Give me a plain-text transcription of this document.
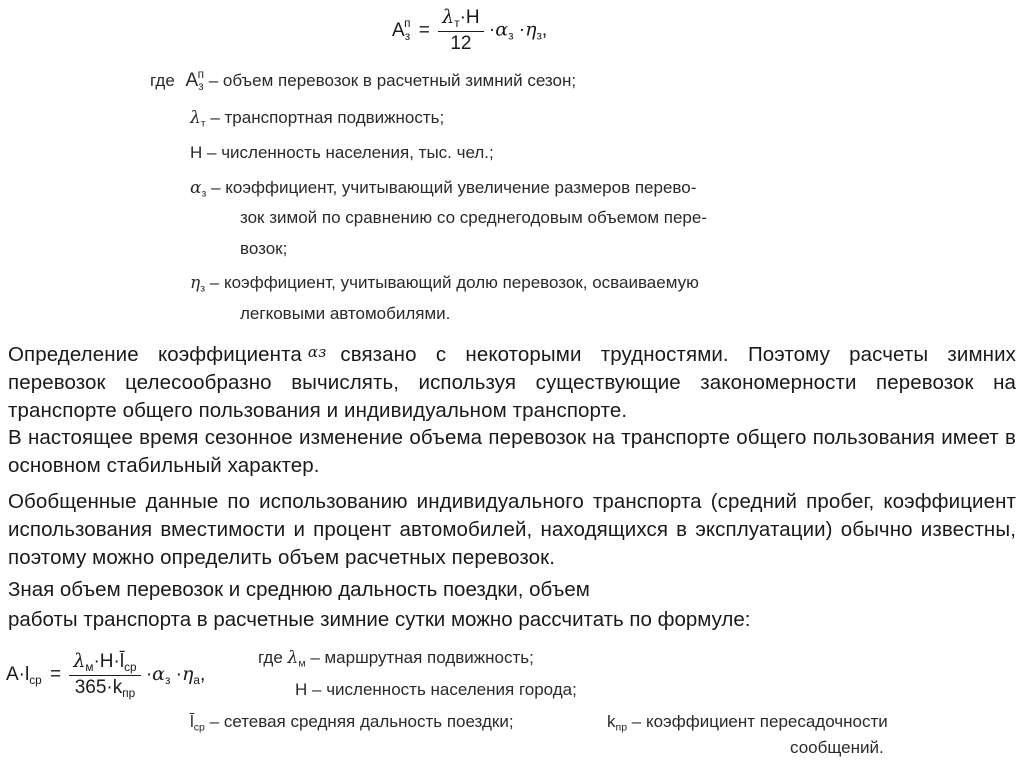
$A_з^п = \frac{\lambda_т\cdot H}{12} \cdot\alpha_з \cdot\eta_з$,
где $A_з^п$ – объем перевозок в расчетный зимний сезон;
$\lambda_т$ – транспортная подвижность;
Н – численность населения, тыс. чел.;
$\alpha_з$ – коэффициент, учитывающий увеличение размеров перево-
зок зимой по сравнению со среднегодовым объемом пере-
возок;
$\eta_з$ – коэффициент, учитывающий долю перевозок, осваиваемую
легковыми автомобилями.
Определение коэффициента αз связано с некоторыми трудностями. Поэтому расчеты зимних перевозок целесообразно вычислять, используя существующие закономерности перевозок на транспорте общего пользования и индивидуальном транспорте.
В настоящее время сезонное изменение объема перевозок на транспорте общего пользования имеет в основном стабильный характер.
Обобщенные данные по использованию индивидуального транспорта (средний пробег, коэффициент использования вместимости и процент автомобилей, находящихся в эксплуатации) обычно известны, поэтому можно определить объем расчетных перевозок.
Зная объем перевозок и среднюю дальность поездки, объем
работы транспорта в расчетные зимние сутки можно рассчитать по формуле:
$A\cdot l_{ср} = \frac{\lambda_м\cdot H\cdot l̄_{ср}}{365\cdot k_{пр}} \cdot\alpha_з \cdot\eta_а$,
где $\lambda_м$ – маршрутная подвижность;
Н – численность населения города;
$l̄_{ср}$ – сетевая средняя дальность поездки;	$k_{пр}$ – коэффициент пересадочности
сообщений.
